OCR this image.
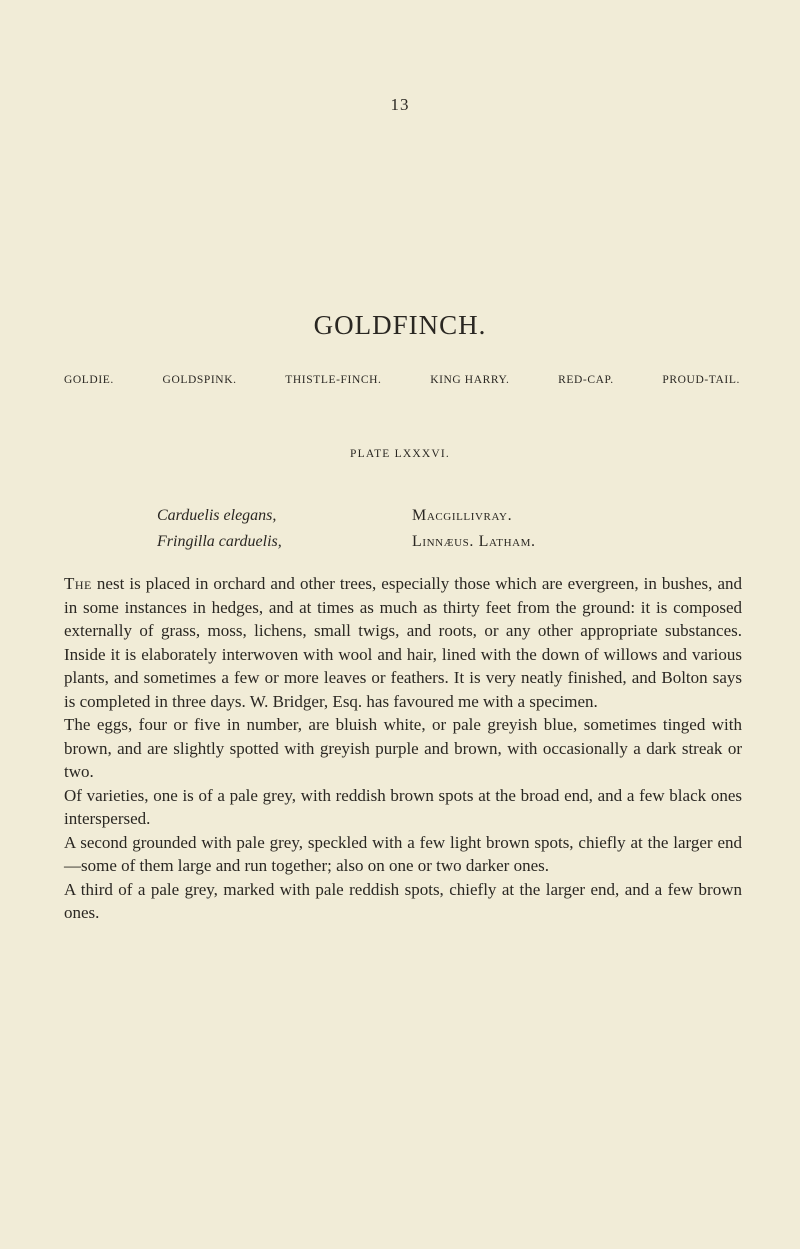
13
GOLDFINCH.
GOLDIE.	GOLDSPINK.	THISTLE-FINCH.	KING HARRY.	RED-CAP.	PROUD-TAIL.
PLATE LXXXVI.
Carduelis elegans,	Macgillivray.
Fringilla carduelis,	Linnæus. Latham.

The nest is placed in orchard and other trees, especially those which are evergreen, in bushes, and in some instances in hedges, and at times as much as thirty feet from the ground: it is composed externally of grass, moss, lichens, small twigs, and roots, or any other appropriate substances. Inside it is elaborately interwoven with wool and hair, lined with the down of willows and various plants, and sometimes a few or more leaves or feathers. It is very neatly finished, and Bolton says is completed in three days. W. Bridger, Esq. has favoured me with a specimen.

The eggs, four or five in number, are bluish white, or pale greyish blue, sometimes tinged with brown, and are slightly spotted with greyish purple and brown, with occasionally a dark streak or two.

Of varieties, one is of a pale grey, with reddish brown spots at the broad end, and a few black ones interspersed.

A second grounded with pale grey, speckled with a few light brown spots, chiefly at the larger end—some of them large and run together; also on one or two darker ones.

A third of a pale grey, marked with pale reddish spots, chiefly at the larger end, and a few brown ones.
